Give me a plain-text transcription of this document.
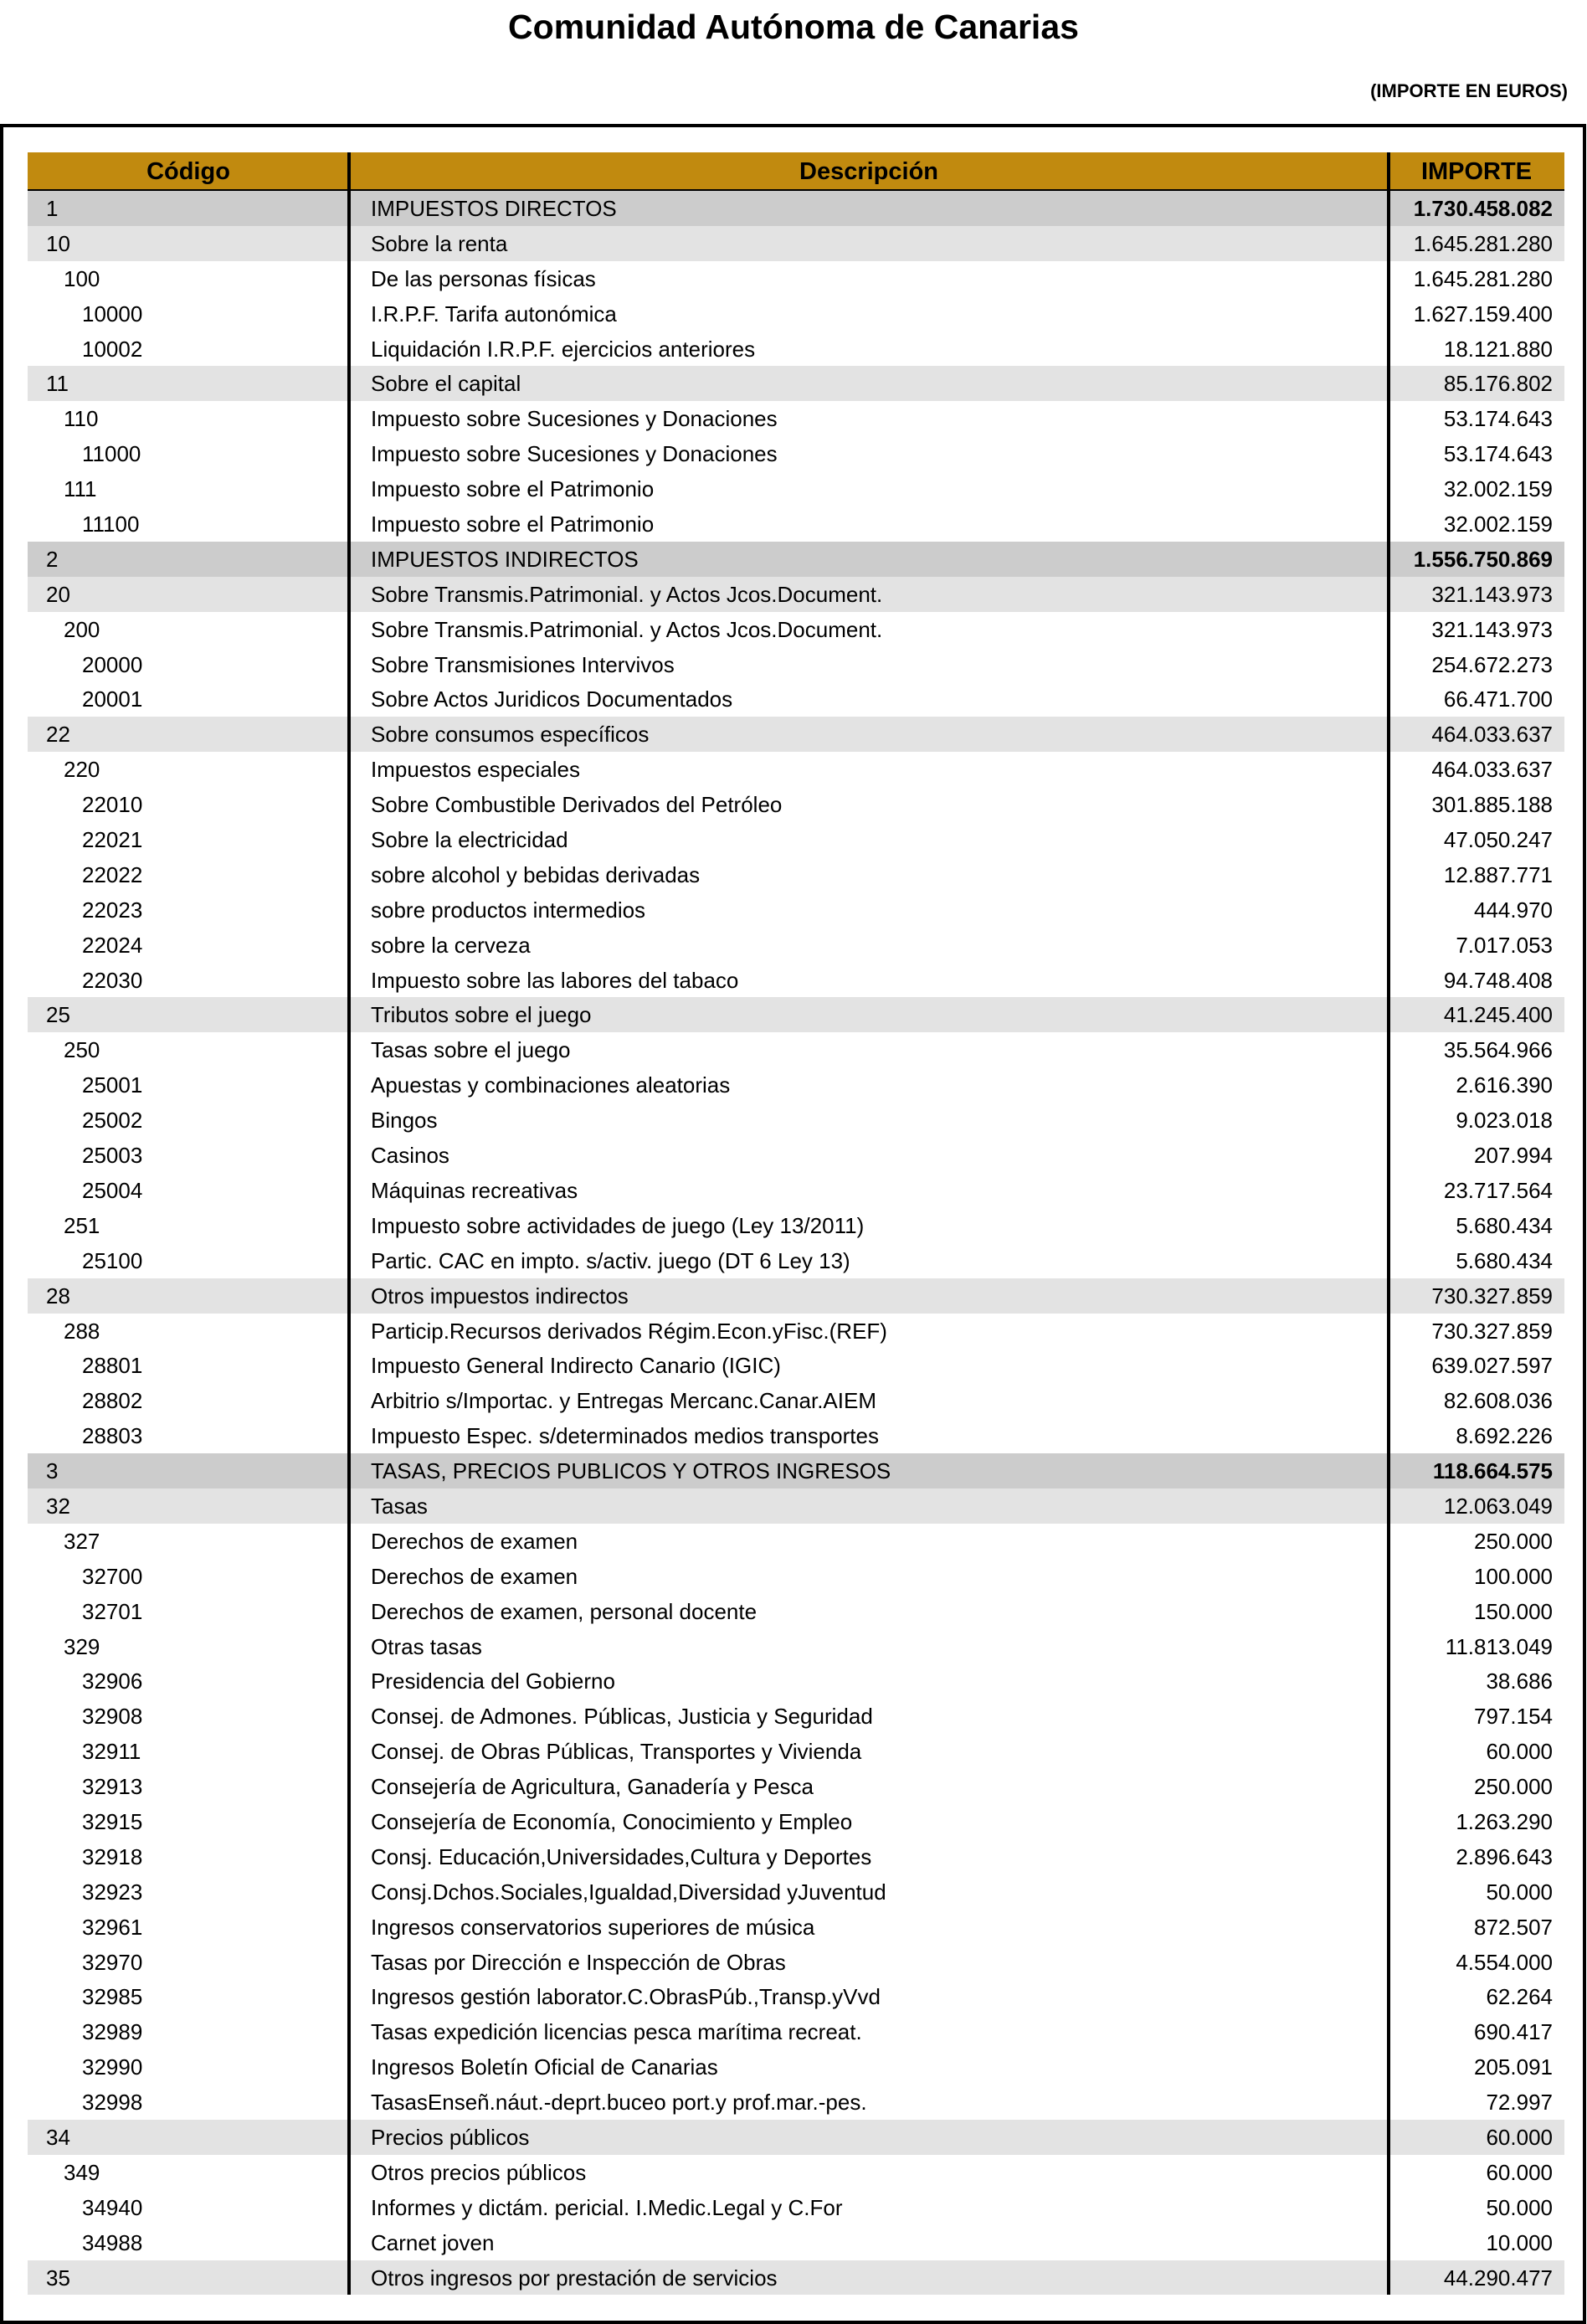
Comunidad Autónoma de Canarias
(IMPORTE EN EUROS)
Código	Descripción	IMPORTE
1	IMPUESTOS DIRECTOS	1.730.458.082
10	Sobre la renta	1.645.281.280
100	De las personas físicas	1.645.281.280
10000	I.R.P.F. Tarifa autonómica	1.627.159.400
10002	Liquidación I.R.P.F. ejercicios anteriores	18.121.880
11	Sobre el capital	85.176.802
110	Impuesto sobre Sucesiones y Donaciones	53.174.643
11000	Impuesto sobre Sucesiones y Donaciones	53.174.643
111	Impuesto sobre el Patrimonio	32.002.159
11100	Impuesto sobre el Patrimonio	32.002.159
2	IMPUESTOS INDIRECTOS	1.556.750.869
20	Sobre Transmis.Patrimonial. y Actos Jcos.Document.	321.143.973
200	Sobre Transmis.Patrimonial. y Actos Jcos.Document.	321.143.973
20000	Sobre Transmisiones Intervivos	254.672.273
20001	Sobre Actos Juridicos Documentados	66.471.700
22	Sobre consumos específicos	464.033.637
220	Impuestos especiales	464.033.637
22010	Sobre Combustible Derivados del Petróleo	301.885.188
22021	Sobre la electricidad	47.050.247
22022	sobre alcohol y bebidas derivadas	12.887.771
22023	sobre productos intermedios	444.970
22024	sobre la cerveza	7.017.053
22030	Impuesto sobre las labores del tabaco	94.748.408
25	Tributos sobre el juego	41.245.400
250	Tasas sobre el juego	35.564.966
25001	Apuestas y combinaciones aleatorias	2.616.390
25002	Bingos	9.023.018
25003	Casinos	207.994
25004	Máquinas recreativas	23.717.564
251	Impuesto sobre actividades de juego (Ley 13/2011)	5.680.434
25100	Partic. CAC en impto. s/activ. juego (DT 6 Ley 13)	5.680.434
28	Otros impuestos indirectos	730.327.859
288	Particip.Recursos derivados Régim.Econ.yFisc.(REF)	730.327.859
28801	Impuesto General Indirecto Canario (IGIC)	639.027.597
28802	Arbitrio s/Importac. y Entregas Mercanc.Canar.AIEM	82.608.036
28803	Impuesto Espec. s/determinados medios transportes	8.692.226
3	TASAS, PRECIOS PUBLICOS Y OTROS INGRESOS	118.664.575
32	Tasas	12.063.049
327	Derechos de examen	250.000
32700	Derechos de examen	100.000
32701	Derechos de examen, personal docente	150.000
329	Otras tasas	11.813.049
32906	Presidencia del Gobierno	38.686
32908	Consej. de Admones. Públicas, Justicia y Seguridad	797.154
32911	Consej. de Obras Públicas, Transportes y Vivienda	60.000
32913	Consejería de Agricultura, Ganadería y Pesca	250.000
32915	Consejería de Economía, Conocimiento y Empleo	1.263.290
32918	Consj. Educación,Universidades,Cultura y Deportes	2.896.643
32923	Consj.Dchos.Sociales,Igualdad,Diversidad yJuventud	50.000
32961	Ingresos conservatorios superiores de música	872.507
32970	Tasas por Dirección e Inspección de Obras	4.554.000
32985	Ingresos gestión laborator.C.ObrasPúb.,Transp.yVvd	62.264
32989	Tasas expedición licencias pesca marítima recreat.	690.417
32990	Ingresos Boletín Oficial de Canarias	205.091
32998	TasasEnseñ.náut.-deprt.buceo port.y prof.mar.-pes.	72.997
34	Precios públicos	60.000
349	Otros precios públicos	60.000
34940	Informes y dictám. pericial. I.Medic.Legal y C.For	50.000
34988	Carnet joven	10.000
35	Otros ingresos por prestación de servicios	44.290.477
